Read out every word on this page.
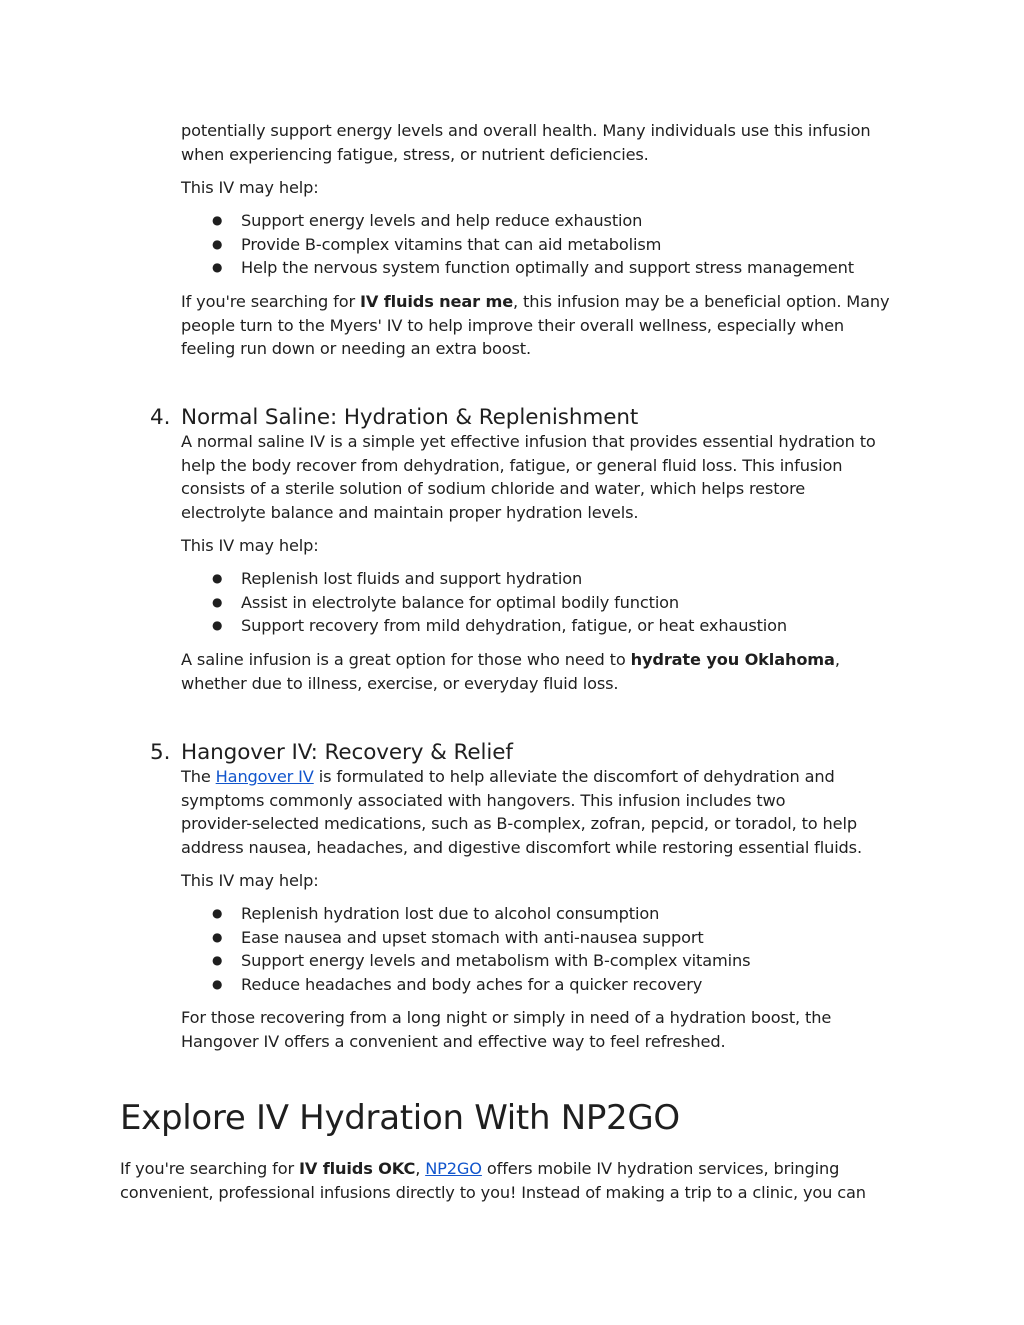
potentially support energy levels and overall health. Many individuals use this infusion
when experiencing fatigue, stress, or nutrient deficiencies.

This IV may help:

● Support energy levels and help reduce exhaustion
● Provide B-complex vitamins that can aid metabolism
● Help the nervous system function optimally and support stress management

If you're searching for IV fluids near me, this infusion may be a beneficial option. Many
people turn to the Myers' IV to help improve their overall wellness, especially when
feeling run down or needing an extra boost.

4. Normal Saline: Hydration & Replenishment

A normal saline IV is a simple yet effective infusion that provides essential hydration to
help the body recover from dehydration, fatigue, or general fluid loss. This infusion
consists of a sterile solution of sodium chloride and water, which helps restore
electrolyte balance and maintain proper hydration levels.

This IV may help:

● Replenish lost fluids and support hydration
● Assist in electrolyte balance for optimal bodily function
● Support recovery from mild dehydration, fatigue, or heat exhaustion

A saline infusion is a great option for those who need to hydrate you Oklahoma,
whether due to illness, exercise, or everyday fluid loss.

5. Hangover IV: Recovery & Relief

The Hangover IV is formulated to help alleviate the discomfort of dehydration and
symptoms commonly associated with hangovers. This infusion includes two
provider-selected medications, such as B-complex, zofran, pepcid, or toradol, to help
address nausea, headaches, and digestive discomfort while restoring essential fluids.

This IV may help:

● Replenish hydration lost due to alcohol consumption
● Ease nausea and upset stomach with anti-nausea support
● Support energy levels and metabolism with B-complex vitamins
● Reduce headaches and body aches for a quicker recovery

For those recovering from a long night or simply in need of a hydration boost, the
Hangover IV offers a convenient and effective way to feel refreshed.

Explore IV Hydration With NP2GO

If you're searching for IV fluids OKC, NP2GO offers mobile IV hydration services, bringing
convenient, professional infusions directly to you! Instead of making a trip to a clinic, you can
